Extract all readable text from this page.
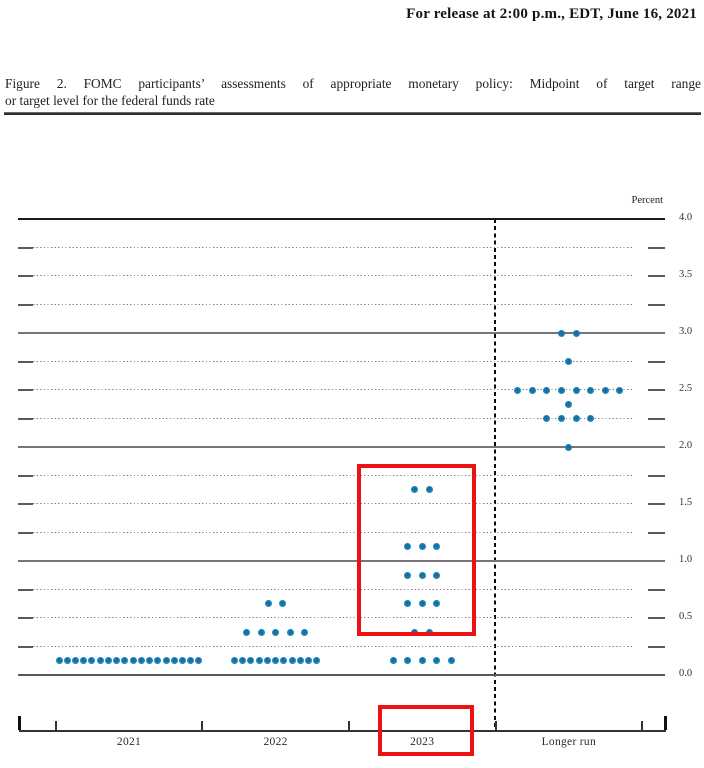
For release at 2:00 p.m., EDT, June 16, 2021
Figure 2. FOMC participants’ assessments of appropriate monetary policy: Midpoint of target range
or target level for the federal funds rate
Percent
0.0
0.5
1.0
1.5
2.0
2.5
3.0
3.5
4.0
2021	2022	2023	Longer run
